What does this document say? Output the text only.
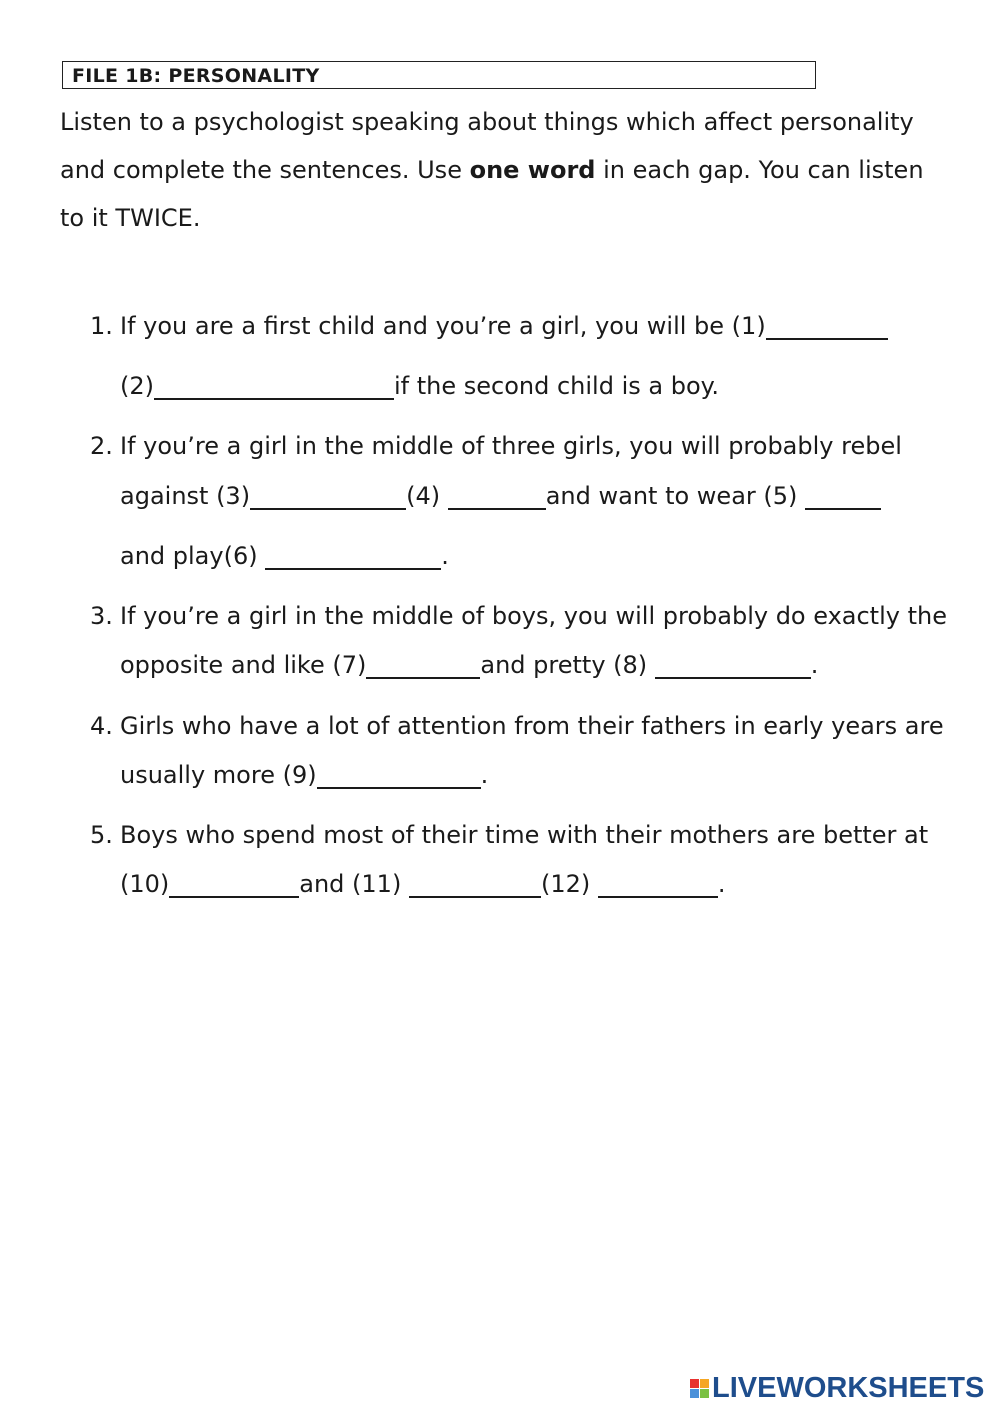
FILE 1B: PERSONALITY

Listen to a psychologist speaking about things which affect personality and complete the sentences. Use one word in each gap. You can listen to it TWICE.

1. If you are a first child and you’re a girl, you will be (1)
(2)	if the second child is a boy.
2. If you’re a girl in the middle of three girls, you will probably rebel
against (3)	(4)	and want to wear (5)
and play(6)	.
3. If you’re a girl in the middle of boys, you will probably do exactly the
opposite and like (7)	and pretty (8)	.
4. Girls who have a lot of attention from their fathers in early years are
usually more (9)	.
5. Boys who spend most of their time with their mothers are better at
(10)	and (11)	(12)	.
LIVEWORKSHEETS
